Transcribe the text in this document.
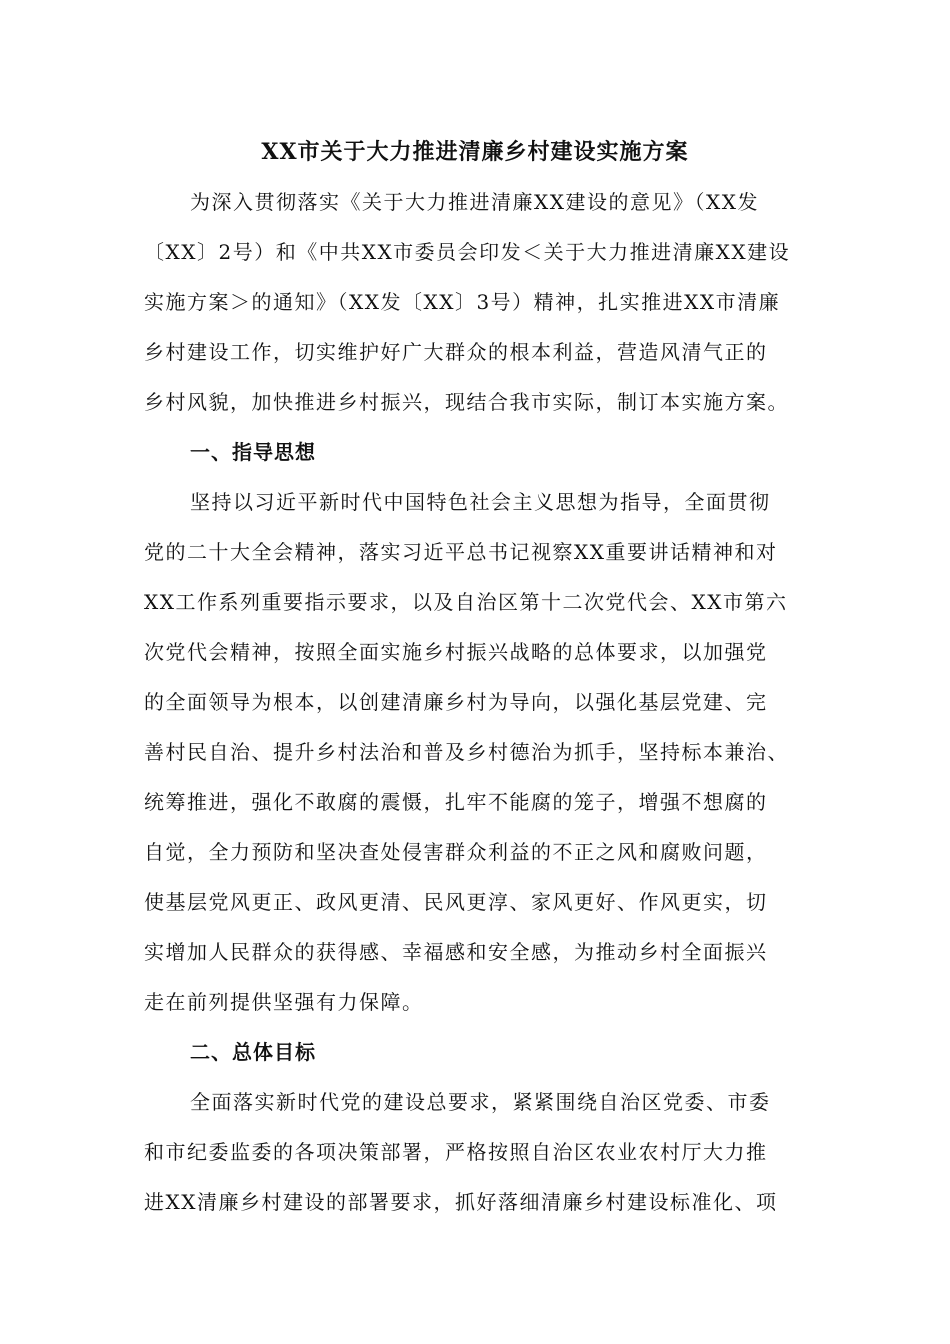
XX市关于大力推进清廉乡村建设实施方案
为深入贯彻落实《关于大力推进清廉XX建设的意见》（XX发
〔XX〕2号）和《中共XX市委员会印发＜关于大力推进清廉XX建设
实施方案＞的通知》（XX发〔XX〕3号）精神，扎实推进XX市清廉
乡村建设工作，切实维护好广大群众的根本利益，营造风清气正的
乡村风貌，加快推进乡村振兴，现结合我市实际，制订本实施方案。
一、指导思想
坚持以习近平新时代中国特色社会主义思想为指导，全面贯彻
党的二十大全会精神，落实习近平总书记视察XX重要讲话精神和对
XX工作系列重要指示要求，以及自治区第十二次党代会、XX市第六
次党代会精神，按照全面实施乡村振兴战略的总体要求，以加强党
的全面领导为根本，以创建清廉乡村为导向，以强化基层党建、完
善村民自治、提升乡村法治和普及乡村德治为抓手，坚持标本兼治、
统筹推进，强化不敢腐的震慑，扎牢不能腐的笼子，增强不想腐的
自觉，全力预防和坚决查处侵害群众利益的不正之风和腐败问题，
使基层党风更正、政风更清、民风更淳、家风更好、作风更实，切
实增加人民群众的获得感、幸福感和安全感，为推动乡村全面振兴
走在前列提供坚强有力保障。
二、总体目标
全面落实新时代党的建设总要求，紧紧围绕自治区党委、市委
和市纪委监委的各项决策部署，严格按照自治区农业农村厅大力推
进XX清廉乡村建设的部署要求，抓好落细清廉乡村建设标准化、项
